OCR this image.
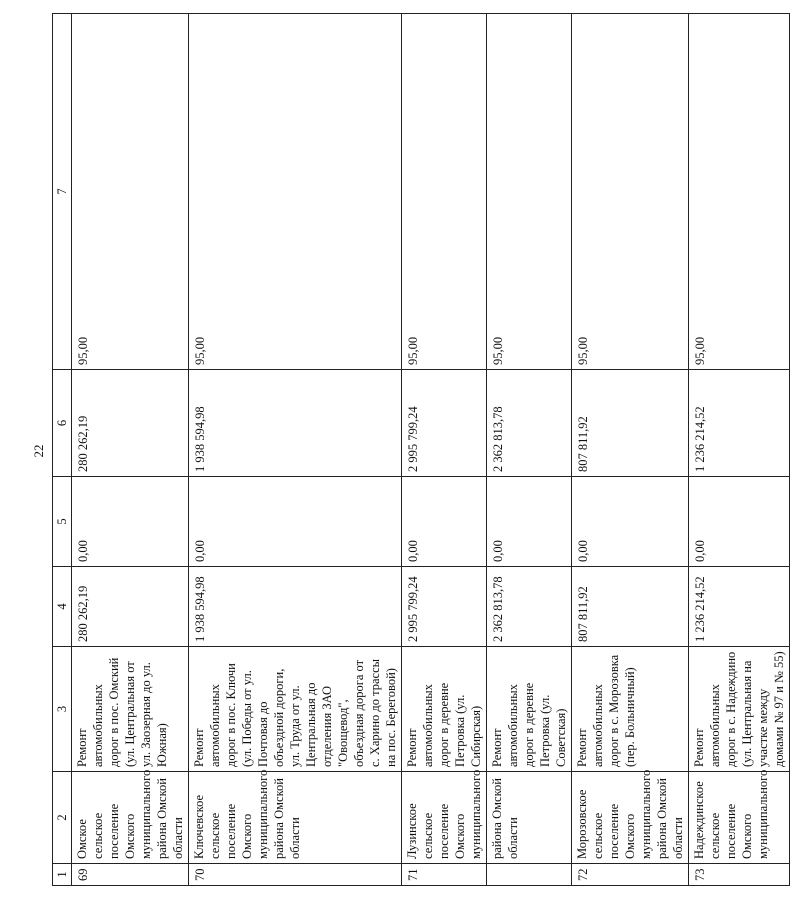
22
1	2	3	4	5	6	7
69	Омское сельское поселение Омского муниципального района Омской области	Ремонт автомобильных дорог в пос. Омский (ул. Центральная от ул. Заозерная до ул. Южная)	280 262,19	0,00	280 262,19	95,00
70	Ключевское сельское поселение Омского муниципального района Омской области	Ремонт автомобильных дорог в пос. Ключи (ул. Победы от ул. Почтовая до объездной дороги, ул. Труда от ул. Центральная до отделения ЗАО "Овощевод", объездная дорога от с. Харино до трассы на пос. Береговой)	1 938 594,98	0,00	1 938 594,98	95,00
71	Лузинское сельское поселение Омского муниципального	Ремонт автомобильных дорог в деревне Петровка (ул. Сибирская)	2 995 799,24	0,00	2 995 799,24	95,00
	района Омской области	Ремонт автомобильных дорог в деревне Петровка (ул. Советская)	2 362 813,78	0,00	2 362 813,78	95,00
72	Морозовское сельское поселение Омского муниципального района Омской области	Ремонт автомобильных дорог в с. Морозовка (пер. Больничный)	807 811,92	0,00	807 811,92	95,00
73	Надеждинское сельское поселение Омского муниципального	Ремонт автомобильных дорог в с. Надеждино (ул. Центральная на участке между домами № 97 и № 55)	1 236 214,52	0,00	1 236 214,52	95,00
